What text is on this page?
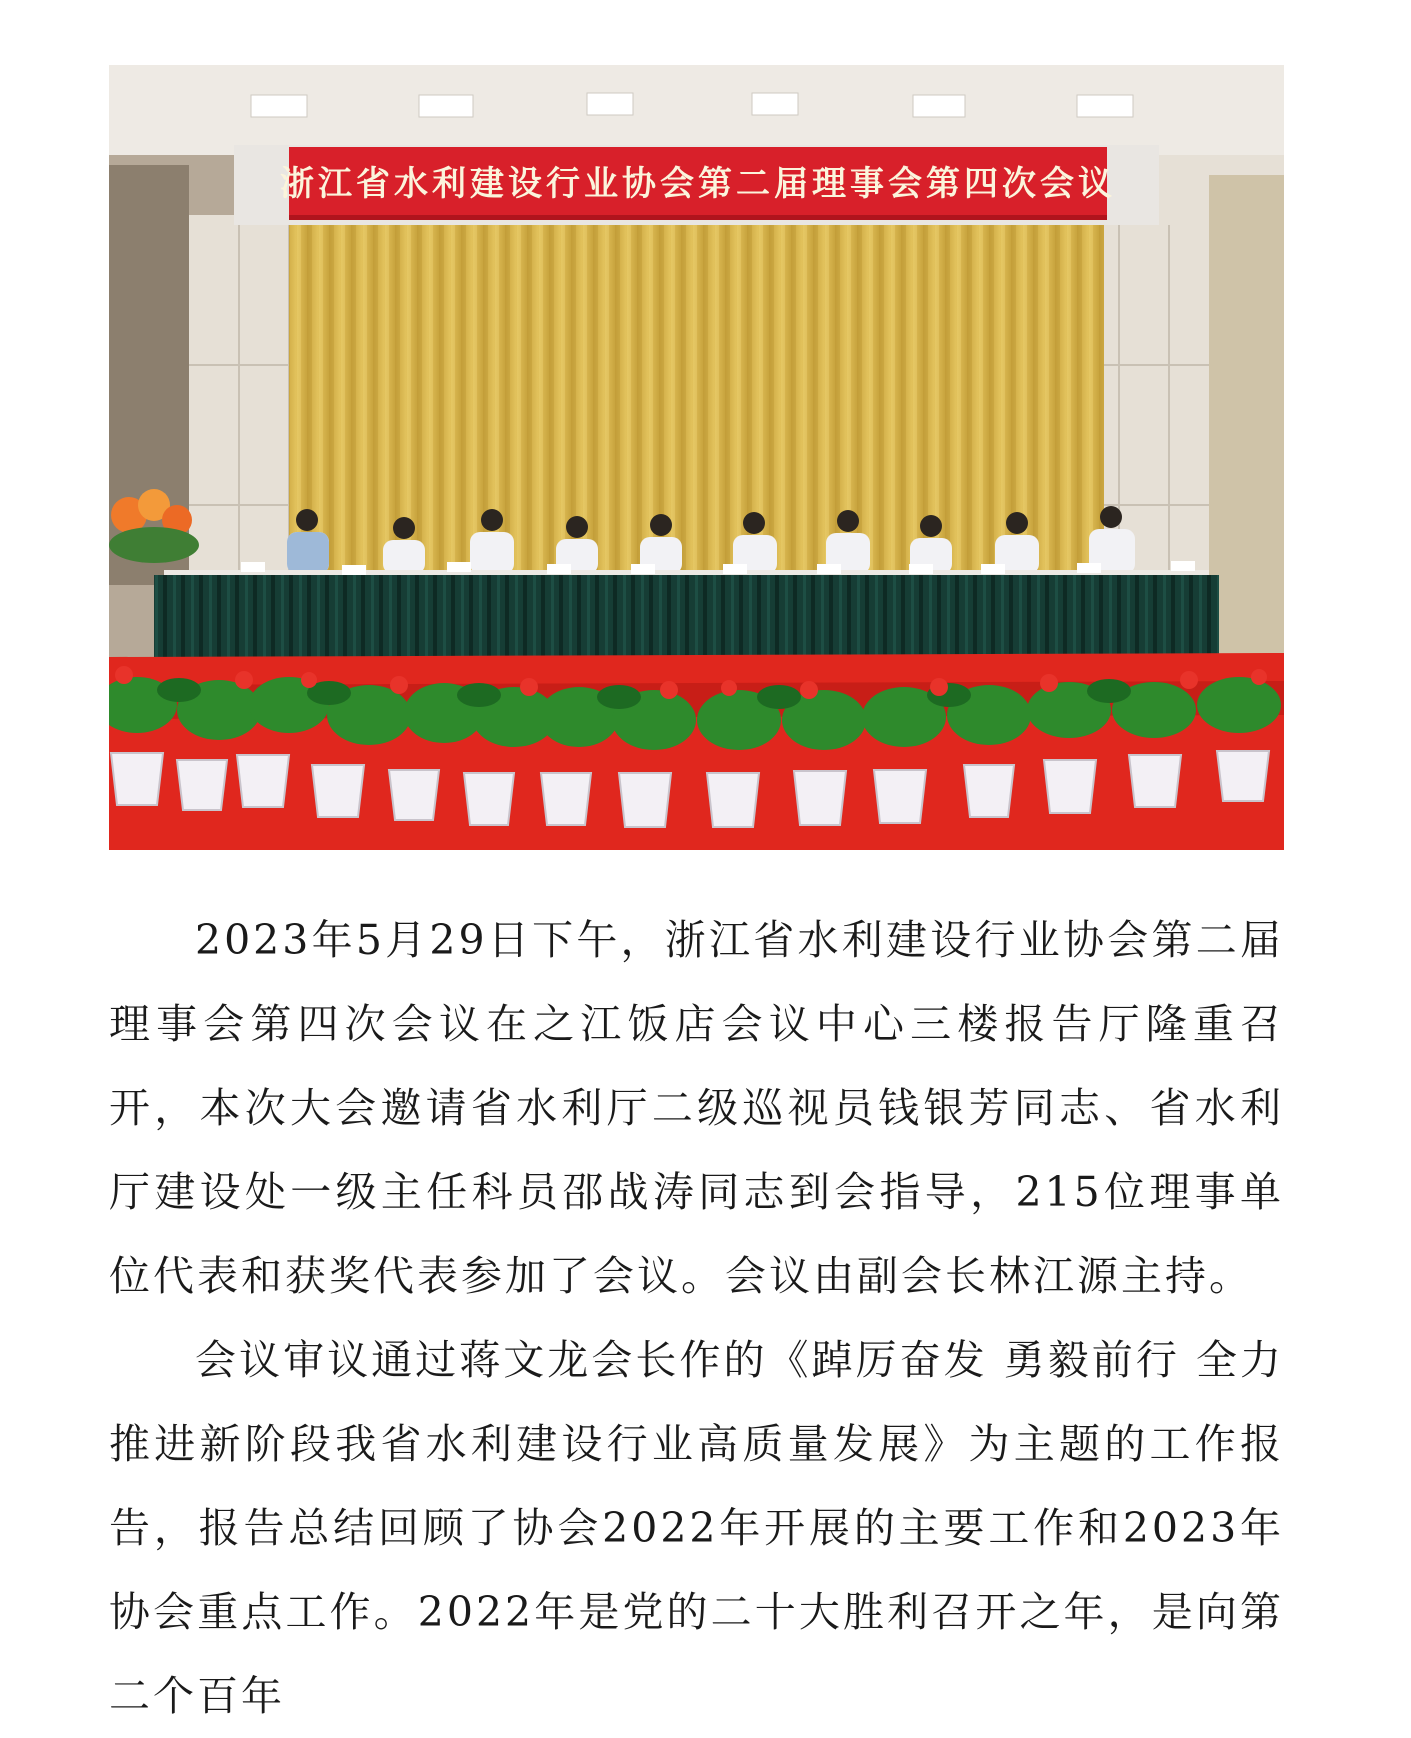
浙江省水利建设行业协会第二届理事会第四次会议

2023年5月29日下午，浙江省水利建设行业协会第二届理事会第四次会议在之江饭店会议中心三楼报告厅隆重召开，本次大会邀请省水利厅二级巡视员钱银芳同志、省水利厅建设处一级主任科员邵战涛同志到会指导，215位理事单位代表和获奖代表参加了会议。会议由副会长林江源主持。

会议审议通过蒋文龙会长作的《踔厉奋发 勇毅前行 全力推进新阶段我省水利建设行业高质量发展》为主题的工作报告，报告总结回顾了协会2022年开展的主要工作和2023年协会重点工作。2022年是党的二十大胜利召开之年，是向第二个百年
